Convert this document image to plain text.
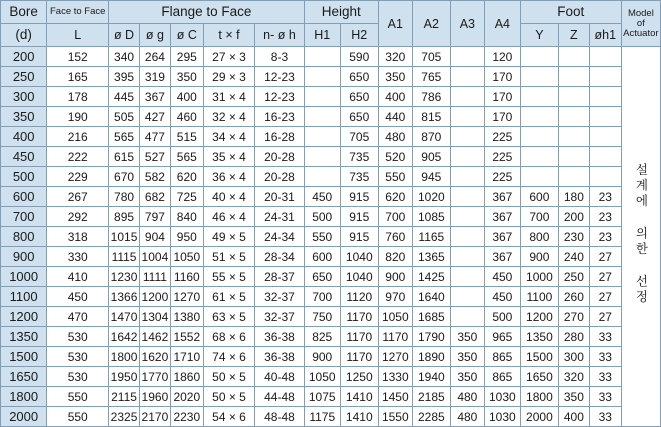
Bore	Face to Face	Flange to Face					Height		A1	A2	A3	A4	Foot			Model
of
Actuator

(d)	L	ø D	ø g	ø C	t × f	n- ø h	H1	H2					Y	Z	øh1	
200	152	340	264	295	27 × 3	8-3		590	320	705		120				설계에 의한 선정
250	165	395	319	350	29 × 3	12-23		650	350	765		170				
300	178	445	367	400	31 × 4	12-23		650	400	786		170				
350	190	505	427	460	32 × 4	16-23		650	440	815		170				
400	216	565	477	515	34 × 4	16-28		705	480	870		225				
450	222	615	527	565	35 × 4	20-28		735	520	905		225				
500	229	670	582	620	36 × 4	20-28		735	550	945		225				
600	267	780	682	725	40 × 4	20-31	450	915	620	1020		367	600	180	23	
700	292	895	797	840	46 × 4	24-31	500	915	700	1085		367	700	200	23	
800	318	1015	904	950	49 × 5	24-34	550	915	760	1165		367	800	230	23	
900	330	1115	1004	1050	51 × 5	28-34	600	1040	820	1365		367	900	240	27	
1000	410	1230	1111	1160	55 × 5	28-37	650	1040	900	1425		450	1000	250	27	
1100	450	1366	1200	1270	61 × 5	32-37	700	1120	970	1640		450	1100	260	27	
1200	470	1470	1304	1380	63 × 5	32-37	750	1170	1050	1685		500	1200	270	27	
1350	530	1642	1462	1552	68 × 6	36-38	825	1170	1170	1790	350	965	1350	280	33	
1500	530	1800	1620	1710	74 × 6	36-38	900	1170	1270	1890	350	865	1500	300	33	
1650	530	1950	1770	1860	50 × 5	40-48	1050	1250	1330	1940	350	865	1650	320	33	
1800	550	2115	1960	2020	50 × 5	44-48	1075	1410	1450	2185	480	1030	1800	350	33	
2000	550	2325	2170	2230	54 × 6	48-48	1175	1410	1550	2285	480	1030	2000	400	33	
